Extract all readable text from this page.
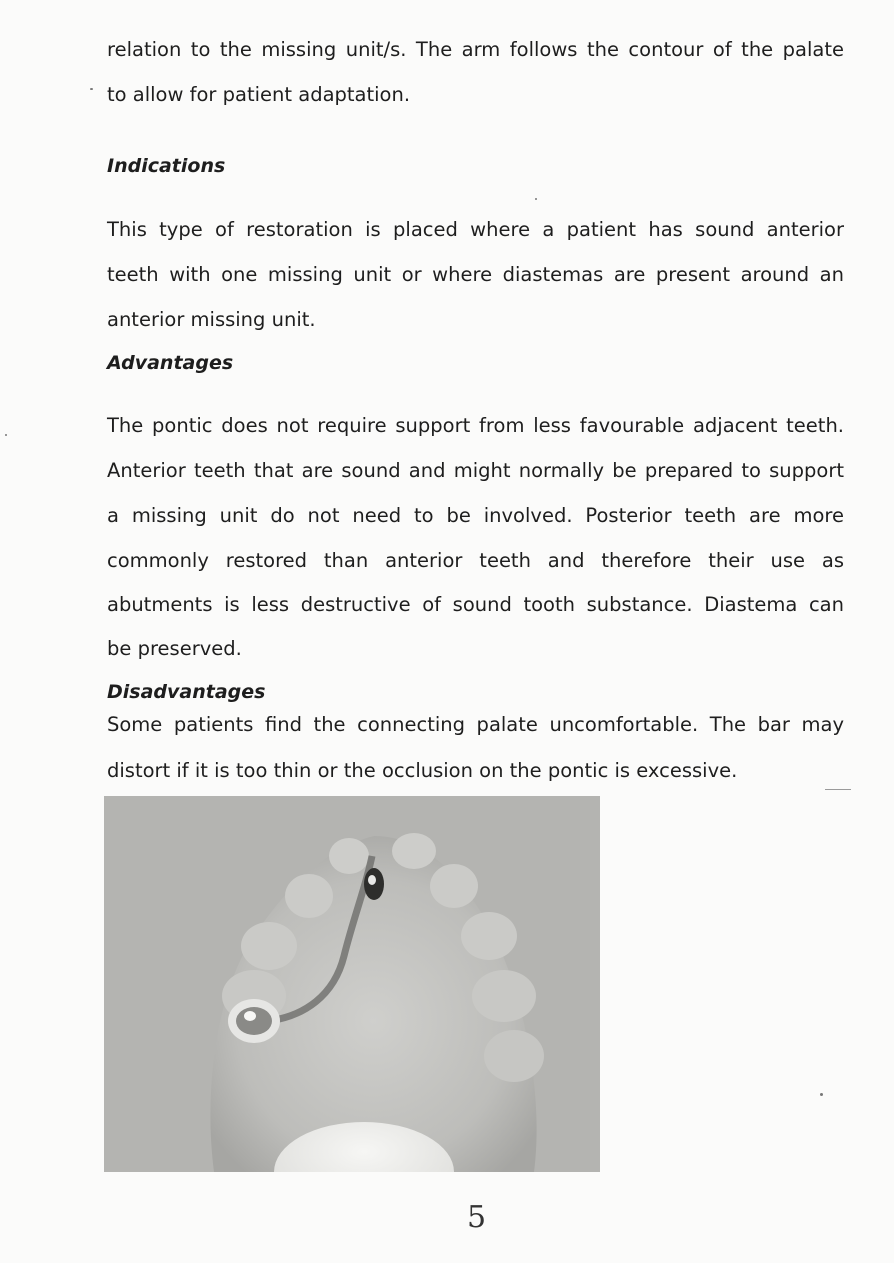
relation to the missing unit/s. The arm follows the contour of the palate

to allow for patient adaptation.

Indications

This type of restoration is placed where a patient has sound anterior

teeth with one missing unit or where diastemas are present around an

anterior missing unit.

Advantages

The pontic does not require support from less favourable adjacent teeth.

Anterior teeth that are sound and might normally be prepared to support

a missing unit do not need to be involved. Posterior teeth are more

commonly restored than anterior teeth and therefore their use as

abutments is less destructive of sound tooth substance. Diastema can

be preserved.

Disadvantages

Some patients find the connecting palate uncomfortable. The bar may

distort if it is too thin or the occlusion on the pontic is excessive.

5
